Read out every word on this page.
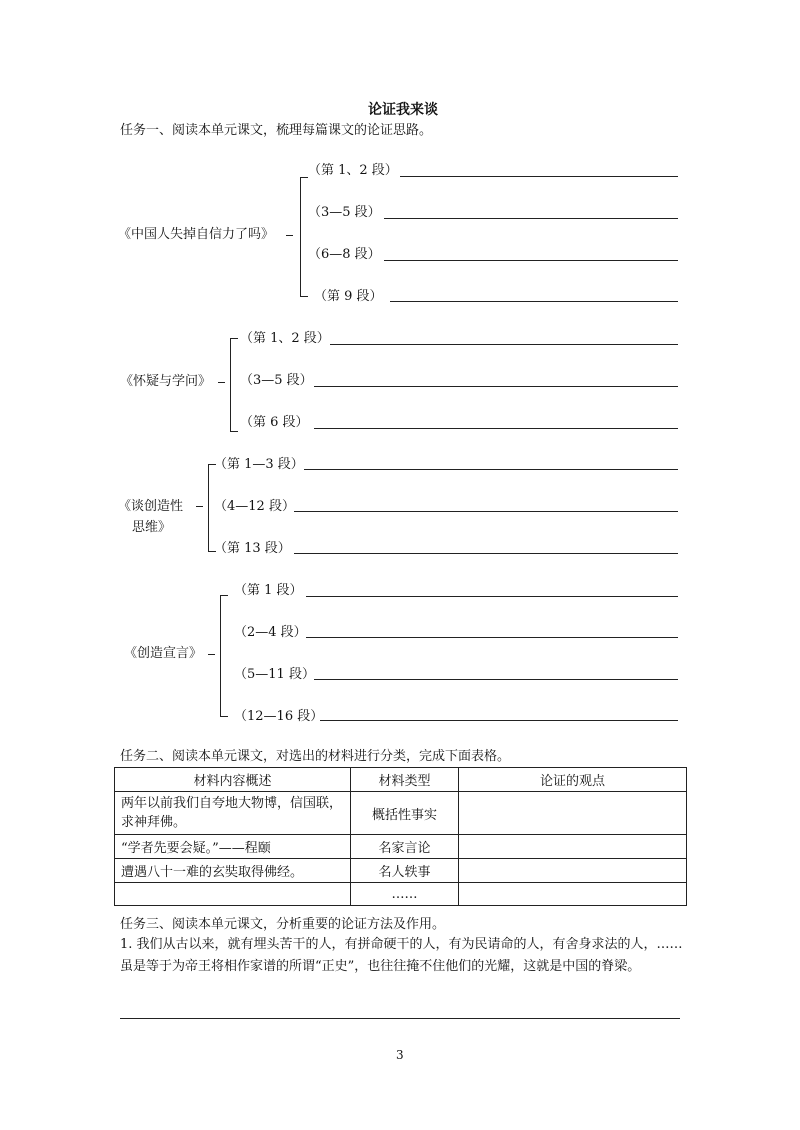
论证我来谈
任务一、阅读本单元课文，梳理每篇课文的论证思路。
《中国人失掉自信力了吗》
（第 1、2 段）
（3—5 段）
（6—8 段）
（第 9 段）
《怀疑与学问》
（第 1、2 段）
（3—5 段）
（第 6 段）
《谈创造性
思维》
（第 1—3 段）
（4—12 段）
（第 13 段）
《创造宣言》
（第 1 段）
（2—4 段）
（5—11 段）
（12—16 段）
任务二、阅读本单元课文，对选出的材料进行分类，完成下面表格。
材料内容概述	材料类型	论证的观点
两年以前我们自夸地大物博，信国联，求神拜佛。	概括性事实	
“学者先要会疑。”——程颐	名家言论	
遭遇八十一难的玄奘取得佛经。	名人轶事	
	……	
任务三、阅读本单元课文，分析重要的论证方法及作用。
1. 我们从古以来，就有埋头苦干的人，有拼命硬干的人，有为民请命的人，有舍身求法的人，……虽是等于为帝王将相作家谱的所谓“正史”，也往往掩不住他们的光耀，这就是中国的脊梁。
3
